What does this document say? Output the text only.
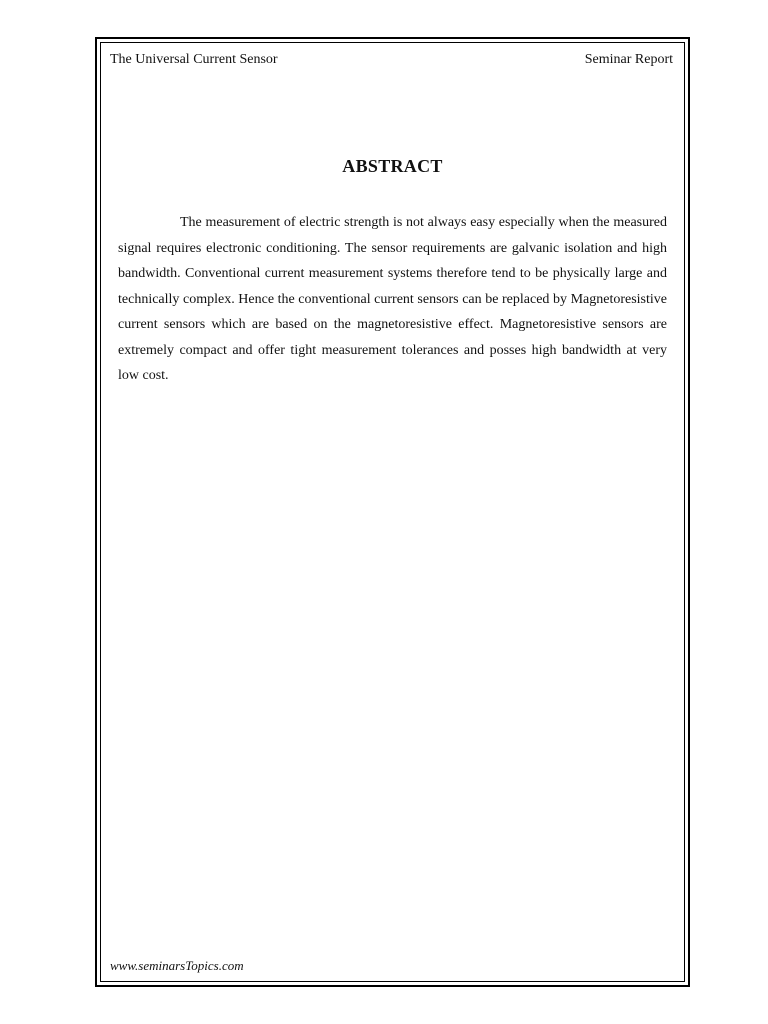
The Universal Current Sensor	Seminar Report
ABSTRACT

The measurement of electric strength is not always easy especially when the measured signal requires electronic conditioning. The sensor requirements are galvanic isolation and high bandwidth. Conventional current measurement systems therefore tend to be physically large and technically complex. Hence the conventional current sensors can be replaced by Magnetoresistive current sensors which are based on the magnetoresistive effect. Magnetoresistive sensors are extremely compact and offer tight measurement tolerances and posses high bandwidth at very low cost.

www.seminarsTopics.com
